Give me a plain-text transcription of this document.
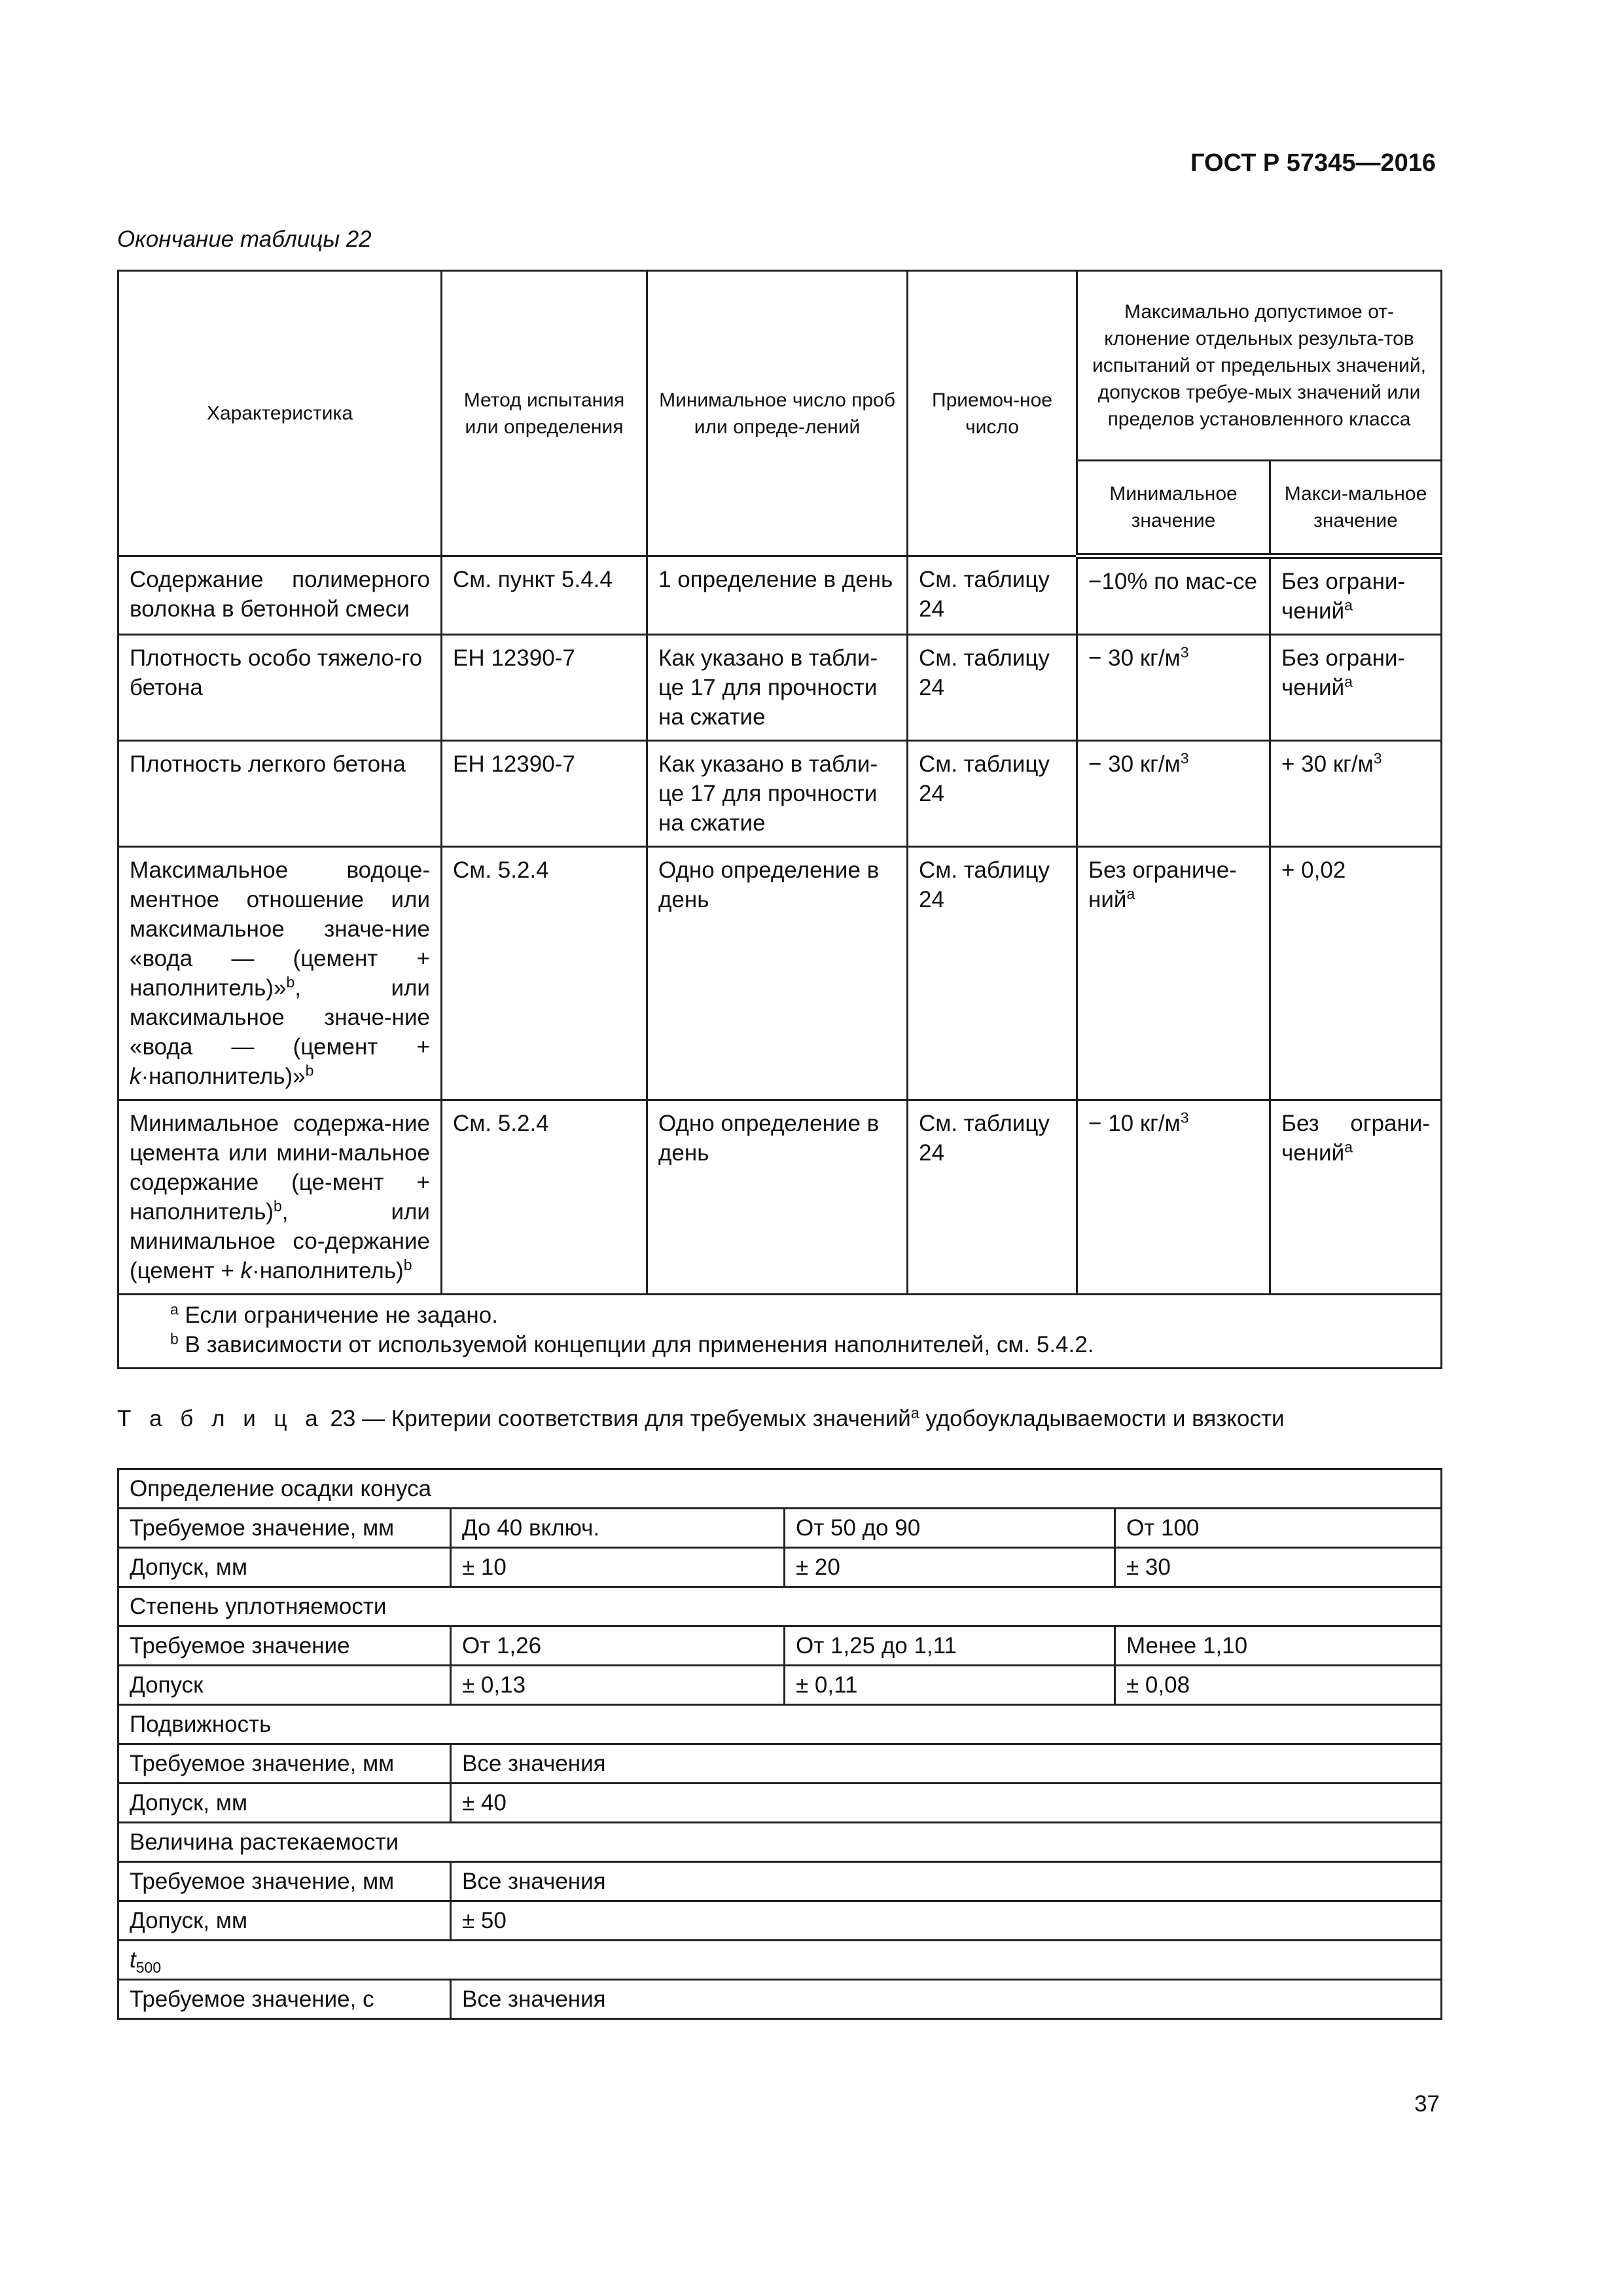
ГОСТ Р 57345—2016
Окончание таблицы 22
Характеристика	Метод испытания или определения	Минимальное число проб или опреде-лений	Приемоч-ное число	Максимально допустимое от-клонение отдельных результа-тов испытаний от предельных значений, допусков требуе-мых значений или пределов установленного класса	
				Минимальное значение	Макси-мальное значение
Содержание полимерного волокна в бетонной смеси	См. пункт 5.4.4	1 определение в день	См. таблицу 24	−10% по мас-се	Без ограни-чений$^a$
Плотность особо тяжело-го бетона	ЕН 12390-7	Как указано в табли-це 17 для прочности на сжатие	См. таблицу 24	− 30 $кг/м^3$	Без ограни-чений$^a$
Плотность легкого бетона	ЕН 12390-7	Как указано в табли-це 17 для прочности на сжатие	См. таблицу 24	− 30 $кг/м^3$	+ 30 $кг/м^3$
Максимальное водоце-ментное отношение или максимальное значе-ние «вода — (цемент + наполнитель)»$^b$, или максимальное значе-ние «вода — (цемент + k·наполнитель)»$^b$	См. 5.2.4	Одно определение в день	См. таблицу 24	Без ограниче-ний$^a$	+ 0,02
Минимальное содержа-ние цемента или мини-мальное содержание (це-мент + наполнитель)$^b$, или минимальное со-держание (цемент + k·наполнитель)$^b$	См. 5.2.4	Одно определение в день	См. таблицу 24	− 10 $кг/м^3$	Без ограни-чений$^a$

$^a$ Если ограничение не задано.
$^b$ В зависимости от используемой концепции для применения наполнителей, см. 5.4.2.					
Т а б л и ц а 23 — Критерии соответствия для требуемых значений$^a$ удобоукладываемости и вязкости
Определение осадки конуса			
Требуемое значение, мм	До 40 включ.	От 50 до 90	От 100
Допуск, мм	± 10	± 20	± 30
Степень уплотняемости			
Требуемое значение	От 1,26	От 1,25 до 1,11	Менее 1,10
Допуск	± 0,13	± 0,11	± 0,08
Подвижность			
Требуемое значение, мм	Все значения		
Допуск, мм	± 40		
Величина растекаемости			
Требуемое значение, мм	Все значения		
Допуск, мм	± 50		
$t_{500}$
Требуемое значение, с	Все значения		
37
